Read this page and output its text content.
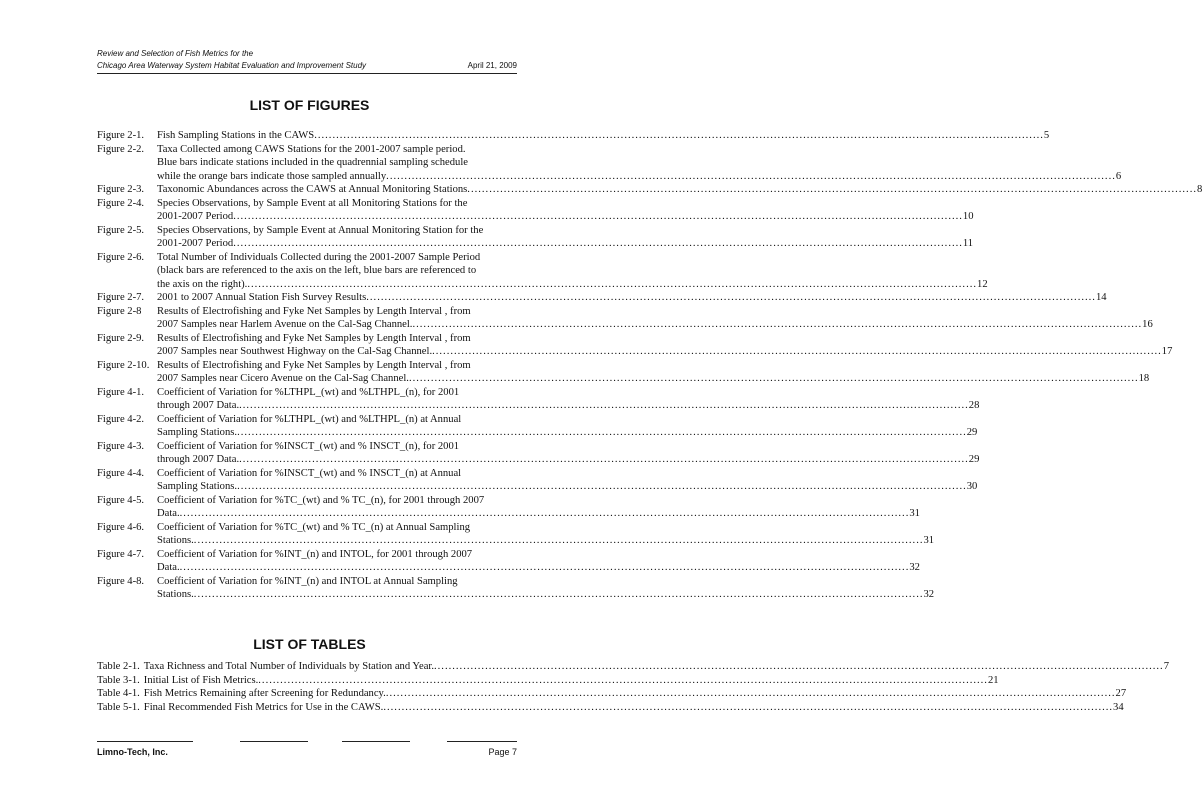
Review and Selection of Fish Metrics for the
Chicago Area Waterway System Habitat Evaluation and Improvement Study	April 21, 2009
LIST OF FIGURES
Figure 2-1. Fish Sampling Stations in the CAWS ........................................................................................................................................................................................................ 5
Figure 2-2. Taxa Collected among CAWS Stations for the 2001-2007 sample period.
Blue bars indicate stations included in the quadrennial sampling schedule
while the orange bars indicate those sampled annually ........................................................................................................................................................................................................ 6
Figure 2-3. Taxonomic Abundances across the CAWS at Annual Monitoring Stations ........................................................................................................................................................................................................ 8
Figure 2-4. Species Observations, by Sample Event at all Monitoring Stations for the
2001-2007 Period ........................................................................................................................................................................................................ 10
Figure 2-5. Species Observations, by Sample Event at Annual Monitoring Station for the
2001-2007 Period ........................................................................................................................................................................................................ 11
Figure 2-6. Total Number of Individuals Collected during the 2001-2007 Sample Period
(black bars are referenced to the axis on the left, blue bars are referenced to
the axis on the right). ........................................................................................................................................................................................................ 12
Figure 2-7. 2001 to 2007 Annual Station Fish Survey Results ........................................................................................................................................................................................................ 14
Figure 2-8 Results of Electrofishing and Fyke Net Samples by Length Interval , from
2007 Samples near Harlem Avenue on the Cal-Sag Channel. ........................................................................................................................................................................................................ 16
Figure 2-9. Results of Electrofishing and Fyke Net Samples by Length Interval , from
2007 Samples near Southwest Highway on the Cal-Sag Channel. ........................................................................................................................................................................................................ 17
Figure 2-10. Results of Electrofishing and Fyke Net Samples by Length Interval , from
2007 Samples near Cicero Avenue on the Cal-Sag Channel. ........................................................................................................................................................................................................ 18
Figure 4-1. Coefficient of Variation for %LTHPL_(wt) and %LTHPL_(n), for 2001
through 2007 Data. ........................................................................................................................................................................................................ 28
Figure 4-2. Coefficient of Variation for %LTHPL_(wt) and %LTHPL_(n) at Annual
Sampling Stations. ........................................................................................................................................................................................................ 29
Figure 4-3. Coefficient of Variation for %INSCT_(wt) and % INSCT_(n), for 2001
through 2007 Data. ........................................................................................................................................................................................................ 29
Figure 4-4. Coefficient of Variation for %INSCT_(wt) and % INSCT_(n) at Annual
Sampling Stations. ........................................................................................................................................................................................................ 30
Figure 4-5. Coefficient of Variation for %TC_(wt) and % TC_(n), for 2001 through 2007
Data. ........................................................................................................................................................................................................ 31
Figure 4-6. Coefficient of Variation for %TC_(wt) and % TC_(n) at Annual Sampling
Stations. ........................................................................................................................................................................................................ 31
Figure 4-7. Coefficient of Variation for %INT_(n) and INTOL, for 2001 through 2007
Data. ........................................................................................................................................................................................................ 32
Figure 4-8. Coefficient of Variation for %INT_(n) and INTOL at Annual Sampling
Stations. ........................................................................................................................................................................................................ 32
LIST OF TABLES
Table 2-1. Taxa Richness and Total Number of Individuals by Station and Year. ........................................................................................................................................................................................................ 7
Table 3-1. Initial List of Fish Metrics. ........................................................................................................................................................................................................ 21
Table 4-1. Fish Metrics Remaining after Screening for Redundancy. ........................................................................................................................................................................................................ 27
Table 5-1. Final Recommended Fish Metrics for Use in the CAWS. ........................................................................................................................................................................................................ 34
Limno-Tech, Inc.	Page 7
